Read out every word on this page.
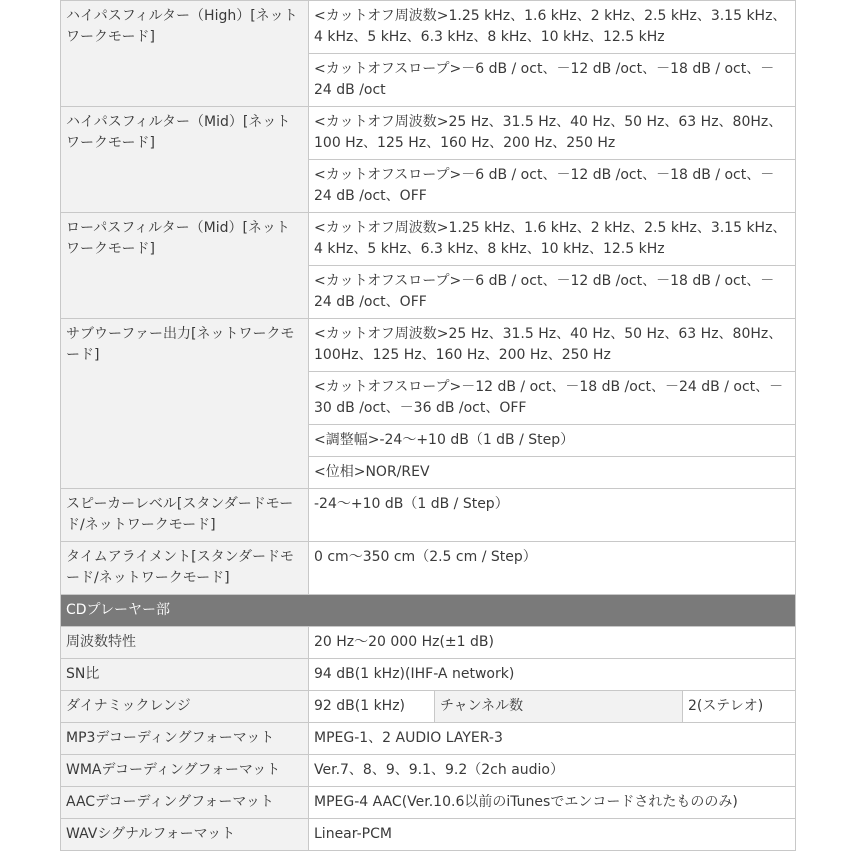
ハイパスフィルター（High）[ネットワークモード]	<カットオフ周波数>1.25 kHz、1.6 kHz、2 kHz、2.5 kHz、3.15 kHz、4 kHz、5 kHz、6.3 kHz、8 kHz、10 kHz、12.5 kHz		
	<カットオフスロープ>－6 dB / oct、－12 dB /oct、－18 dB / oct、－24 dB /oct		
ハイパスフィルター（Mid）[ネットワークモード]	<カットオフ周波数>25 Hz、31.5 Hz、40 Hz、50 Hz、63 Hz、80Hz、100 Hz、125 Hz、160 Hz、200 Hz、250 Hz		
	<カットオフスロープ>－6 dB / oct、－12 dB /oct、－18 dB / oct、－24 dB /oct、OFF		
ローパスフィルター（Mid）[ネットワークモード]	<カットオフ周波数>1.25 kHz、1.6 kHz、2 kHz、2.5 kHz、3.15 kHz、4 kHz、5 kHz、6.3 kHz、8 kHz、10 kHz、12.5 kHz		
	<カットオフスロープ>－6 dB / oct、－12 dB /oct、－18 dB / oct、－24 dB /oct、OFF		
サブウーファー出力[ネットワークモード]	<カットオフ周波数>25 Hz、31.5 Hz、40 Hz、50 Hz、63 Hz、80Hz、100Hz、125 Hz、160 Hz、200 Hz、250 Hz		
	<カットオフスロープ>－12 dB / oct、－18 dB /oct、－24 dB / oct、－30 dB /oct、－36 dB /oct、OFF		
	<調整幅>-24～+10 dB（1 dB / Step）		
	<位相>NOR/REV		
スピーカーレベル[スタンダードモード/ネットワークモード]	-24～+10 dB（1 dB / Step）		
タイムアライメント[スタンダードモード/ネットワークモード]	0 cm～350 cm（2.5 cm / Step）		
CDプレーヤー部			
周波数特性	20 Hz～20 000 Hz(±1 dB)		
SN比	94 dB(1 kHz)(IHF-A network)		
ダイナミックレンジ	92 dB(1 kHz)	チャンネル数	2(ステレオ)
MP3デコーディングフォーマット	MPEG-1、2 AUDIO LAYER-3		
WMAデコーディングフォーマット	Ver.7、8、9、9.1、9.2（2ch audio）		
AACデコーディングフォーマット	MPEG-4 AAC(Ver.10.6以前のiTunesでエンコードされたもののみ)		
WAVシグナルフォーマット	Linear-PCM		
